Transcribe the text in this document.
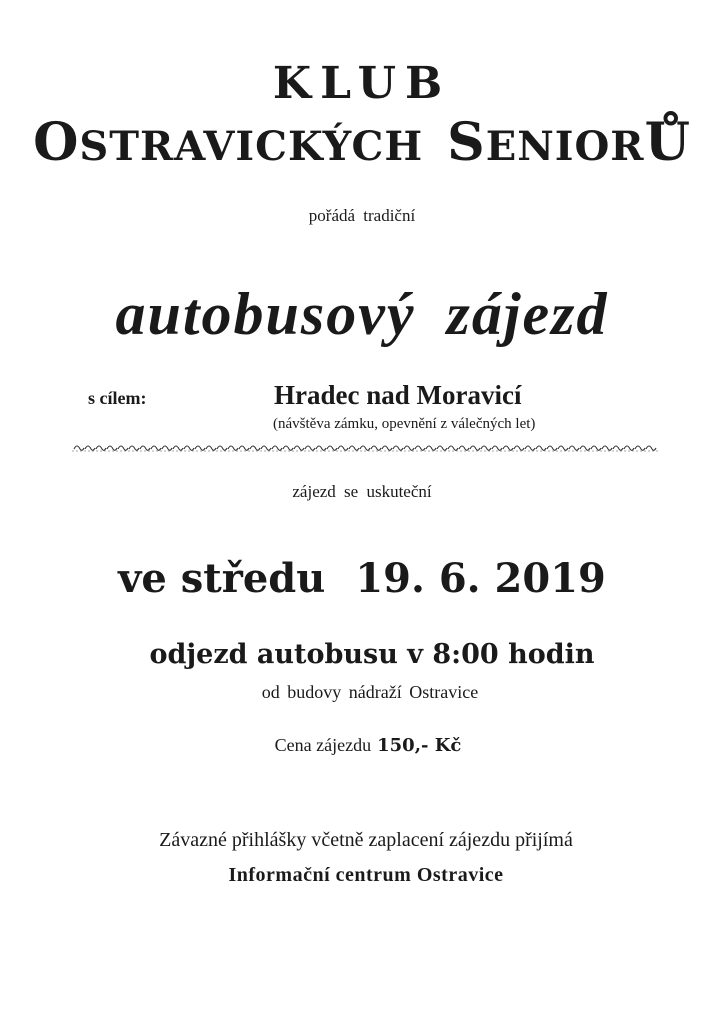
KLUB
OSTRAVICKÝCH SENIORŮ
pořádá tradiční
autobusový zájezd
s cílem:	Hradec nad Moravicí
(návštěva zámku, opevnění z válečných let)
zájezd se uskuteční
ve středu 19. 6. 2019
odjezd autobusu v 8:00 hodin
od budovy nádraží Ostravice
Cena zájezdu 150,- Kč
Závazné přihlášky včetně zaplacení zájezdu přijímá
Informační centrum Ostravice
